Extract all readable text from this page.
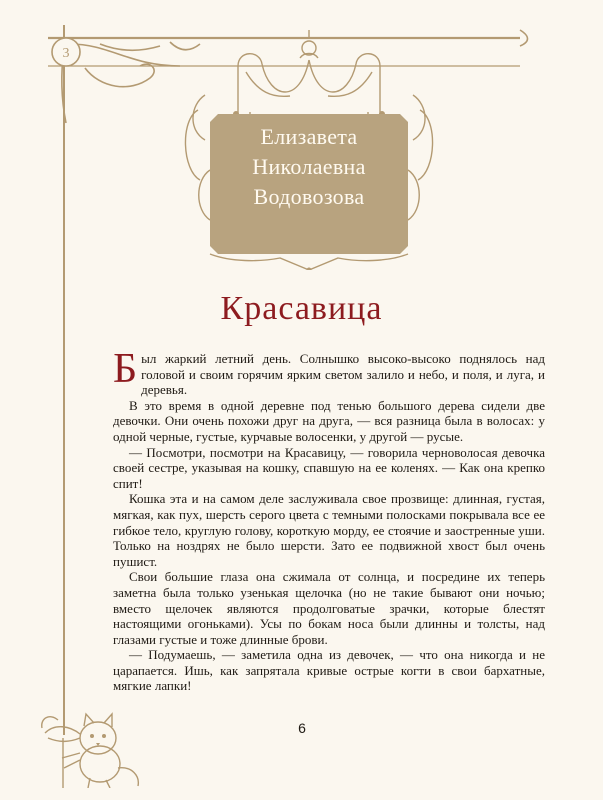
3
Елизавета
Николаевна
Водовозова
Красавица

Был жаркий летний день. Солнышко высоко-высоко поднялось над головой и своим горячим ярким светом залило и небо, и поля, и луга, и деревья.

В это время в одной деревне под тенью большого дерева сидели две девочки. Они очень похожи друг на друга, — вся разница была в волосах: у одной черные, густые, курчавые волосенки, у другой — русые.

— Посмотри, посмотри на Красавицу, — говорила черноволосая девочка своей сестре, указывая на кошку, спавшую на ее коленях. — Как она крепко спит!

Кошка эта и на самом деле заслуживала свое прозвище: длинная, густая, мягкая, как пух, шерсть серого цвета с темными полосками покрывала все ее гибкое тело, круглую голову, короткую морду, ее стоячие и заостренные уши. Только на ноздрях не было шерсти. Зато ее подвижной хвост был очень пушист.

Свои большие глаза она сжимала от солнца, и посредине их теперь заметна была только узенькая щелочка (но не такие бывают они ночью; вместо щелочек являются продолговатые зрачки, которые блестят настоящими огоньками). Усы по бокам носа были длинны и толсты, над глазами густые и тоже длинные брови.

— Подумаешь, — заметила одна из девочек, — что она никогда и не царапается. Ишь, как запрятала кривые острые когти в свои бархатные, мягкие лапки!

6
